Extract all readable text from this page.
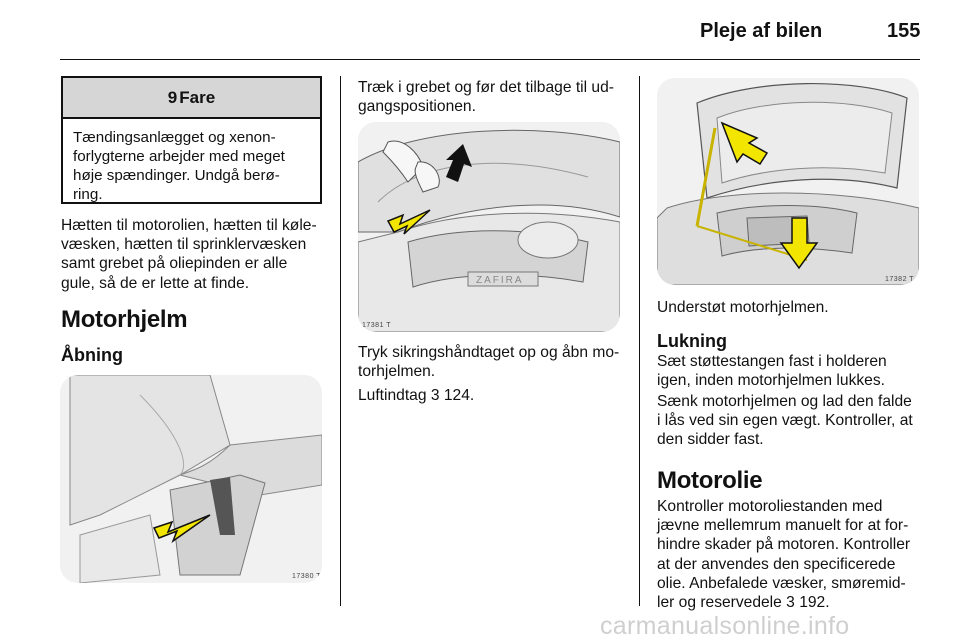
Pleje af bilen	155
9 Fare
Tændingsanlægget og xenon-
forlygterne arbejder med meget
høje spændinger. Undgå berø-
ring.
Hætten til motorolien, hætten til køle-
væsken, hætten til sprinklervæsken
samt grebet på oliepinden er alle
gule, så de er lette at finde.
Motorhjelm
Åbning
17380 T
Træk i grebet og før det tilbage til ud-
gangspositionen.
ZAFIRA
17381 T
Tryk sikringshåndtaget op og åbn mo-
torhjelmen.
Luftindtag 3 124.
17382 T
Understøt motorhjelmen.
Lukning
Sæt støttestangen fast i holderen
igen, inden motorhjelmen lukkes.
Sænk motorhjelmen og lad den falde
i lås ved sin egen vægt. Kontroller, at
den sidder fast.
Motorolie
Kontroller motoroliestanden med
jævne mellemrum manuelt for at for-
hindre skader på motoren. Kontroller
at der anvendes den specificerede
olie. Anbefalede væsker, smøremid-
ler og reservedele 3 192.
carmanualsonline.info
